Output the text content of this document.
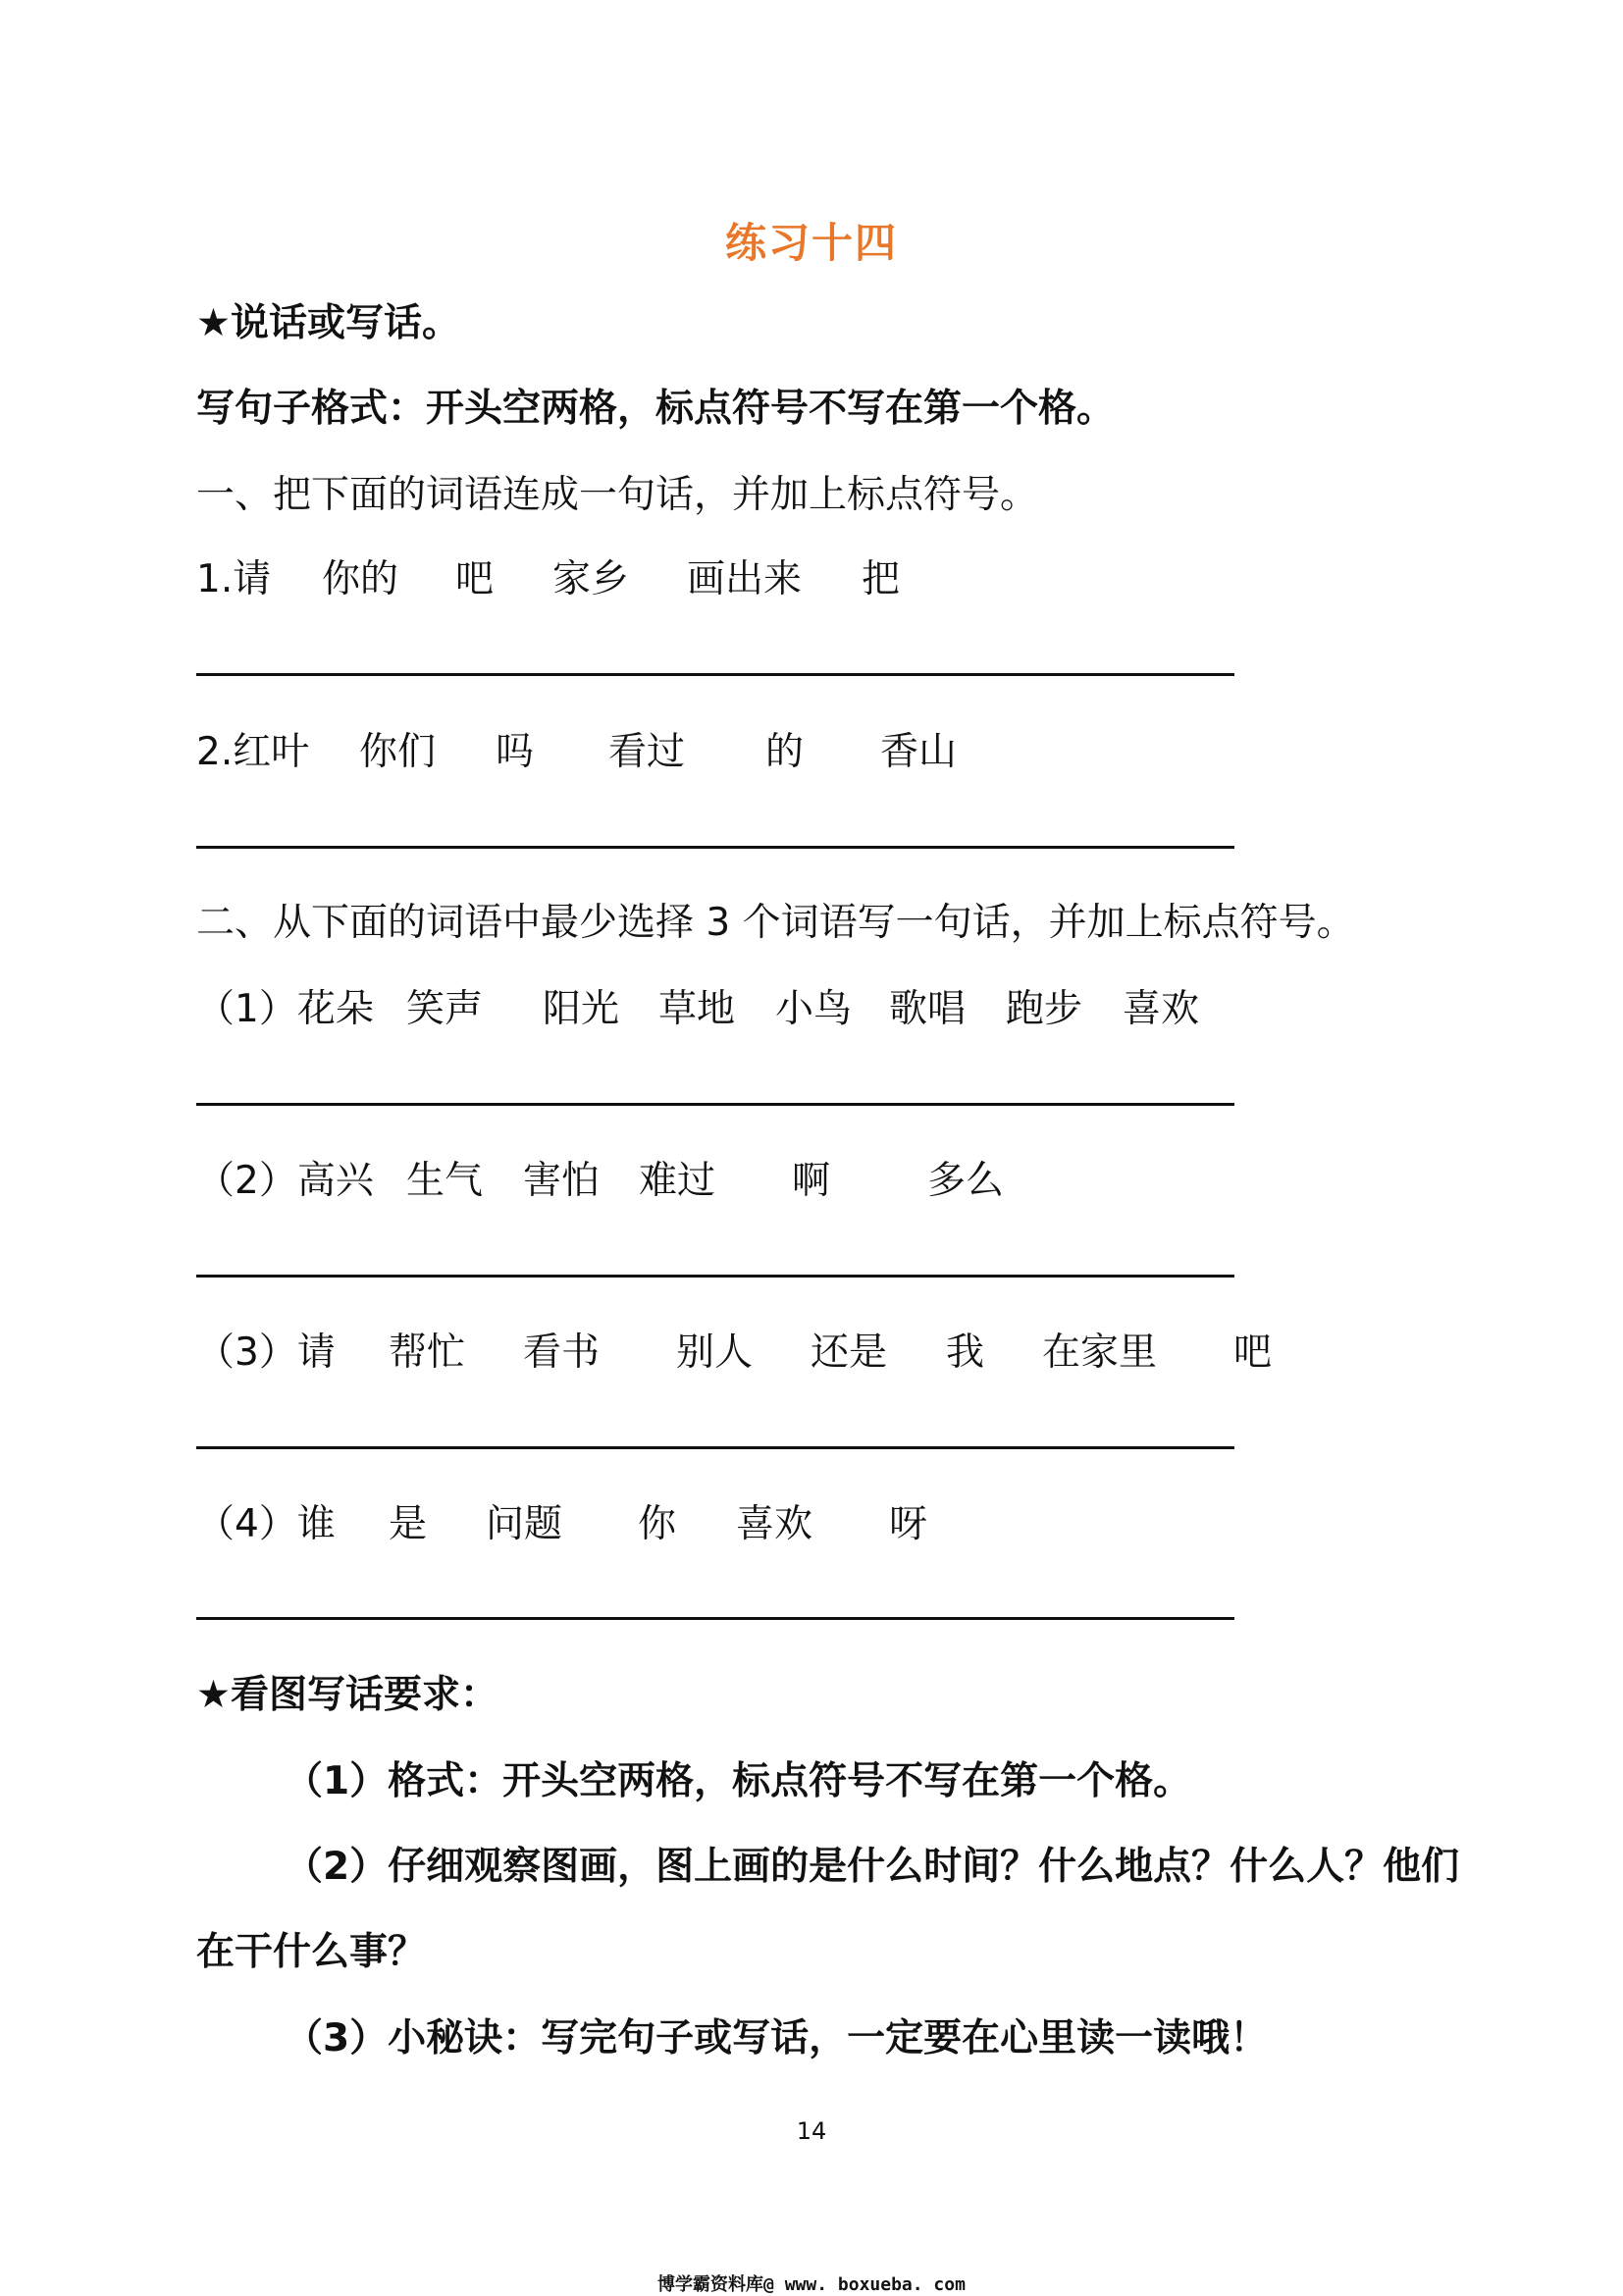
练习十四
★说话或写话。
写句子格式：开头空两格，标点符号不写在第一个格。
一、把下面的词语连成一句话，并加上标点符号。
1.请 你的 吧 家乡 画出来 把
2.红叶 你们 吗 看过 的 香山
二、从下面的词语中最少选择 3 个词语写一句话，并加上标点符号。
（1）花朵 笑声 阳光 草地 小鸟 歌唱 跑步 喜欢
（2）高兴 生气 害怕 难过 啊	多么
（3）请 帮忙 看书 别人 还是 我 在家里 吧
（4）谁 是 问题 你 喜欢 呀
★看图写话要求：
（1）格式：开头空两格，标点符号不写在第一个格。
（2）仔细观察图画，图上画的是什么时间？什么地点？什么人？他们
在干什么事？
（3）小秘诀：写完句子或写话，一定要在心里读一读哦！
14
博学霸资料库@ www. boxueba. com
